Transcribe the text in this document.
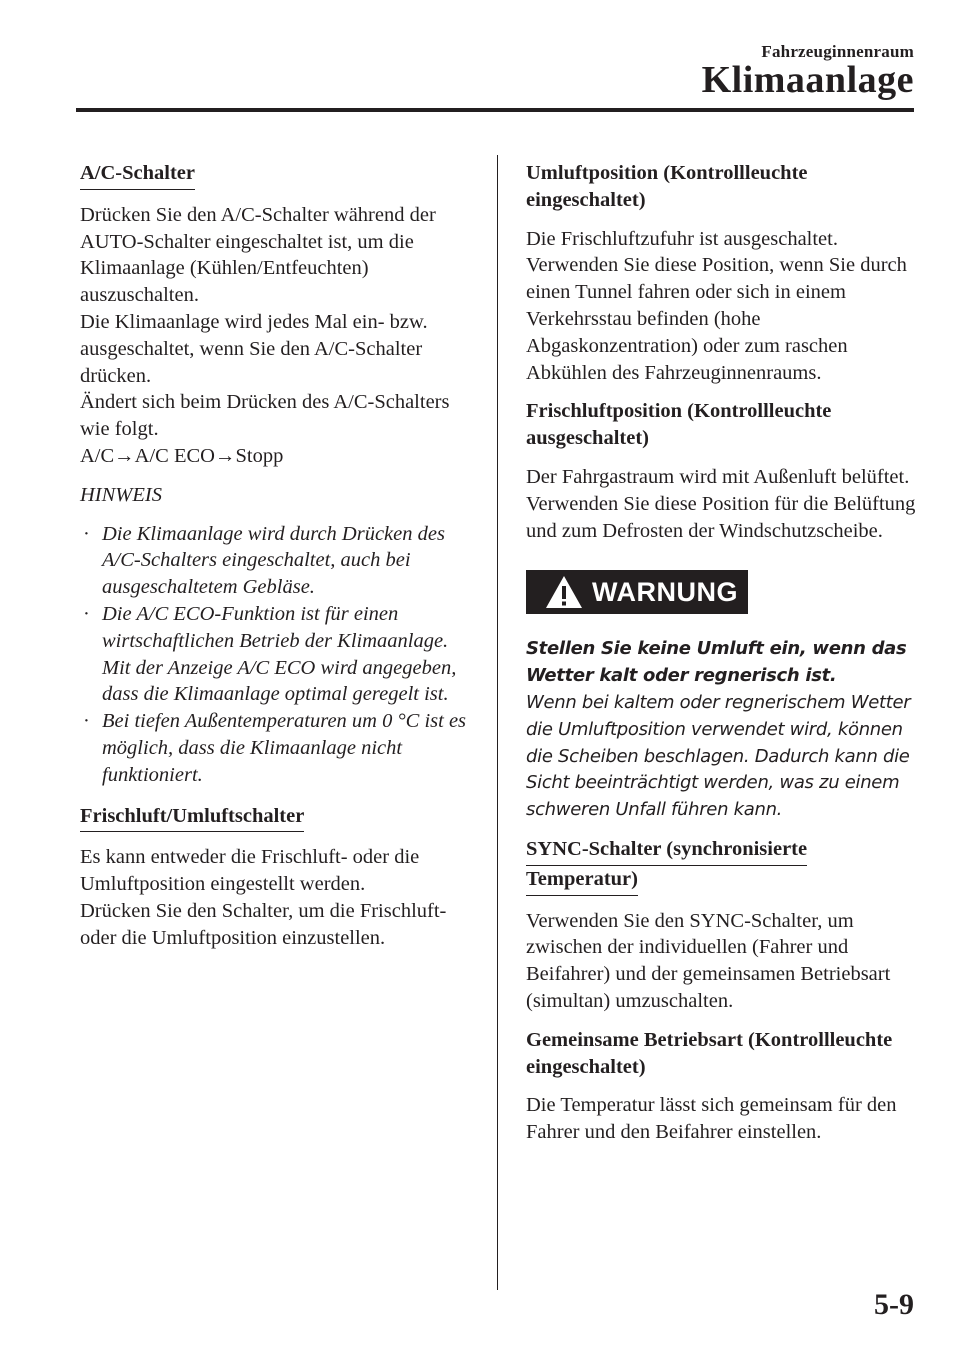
Fahrzeuginnenraum
Klimaanlage
A/C-Schalter

Drücken Sie den A/C-Schalter während der AUTO-Schalter eingeschaltet ist, um die Klimaanlage (Kühlen/Entfeuchten) auszuschalten.

Die Klimaanlage wird jedes Mal ein- bzw. ausgeschaltet, wenn Sie den A/C-Schalter drücken.

Ändert sich beim Drücken des A/C-Schalters wie folgt.

A/C→A/C ECO→Stopp

HINWEIS
· Die Klimaanlage wird durch Drücken des A/C-Schalters eingeschaltet, auch bei ausgeschaltetem Gebläse.
· Die A/C ECO-Funktion ist für einen wirtschaftlichen Betrieb der Klimaanlage. Mit der Anzeige A/C ECO wird angegeben, dass die Klimaanlage optimal geregelt ist.
· Bei tiefen Außentemperaturen um 0 °C ist es möglich, dass die Klimaanlage nicht funktioniert.
Frischluft/Umluftschalter

Es kann entweder die Frischluft- oder die Umluftposition eingestellt werden.

Drücken Sie den Schalter, um die Frischluft- oder die Umluftposition einzustellen.

Umluftposition (Kontrollleuchte eingeschaltet)

Die Frischluftzufuhr ist ausgeschaltet. Verwenden Sie diese Position, wenn Sie durch einen Tunnel fahren oder sich in einem Verkehrsstau befinden (hohe Abgaskonzentration) oder zum raschen Abkühlen des Fahrzeuginnenraums.

Frischluftposition (Kontrollleuchte ausgeschaltet)

Der Fahrgastraum wird mit Außenluft belüftet. Verwenden Sie diese Position für die Belüftung und zum Defrosten der Windschutzscheibe.

WARNUNG

Stellen Sie keine Umluft ein, wenn das Wetter kalt oder regnerisch ist.

Wenn bei kaltem oder regnerischem Wetter die Umluftposition verwendet wird, können die Scheiben beschlagen. Dadurch kann die Sicht beeinträchtigt werden, was zu einem schweren Unfall führen kann.

SYNC-Schalter (synchronisierte
Temperatur)

Verwenden Sie den SYNC-Schalter, um zwischen der individuellen (Fahrer und Beifahrer) und der gemeinsamen Betriebsart (simultan) umzuschalten.

Gemeinsame Betriebsart (Kontrollleuchte eingeschaltet)

Die Temperatur lässt sich gemeinsam für den Fahrer und den Beifahrer einstellen.

5-9
